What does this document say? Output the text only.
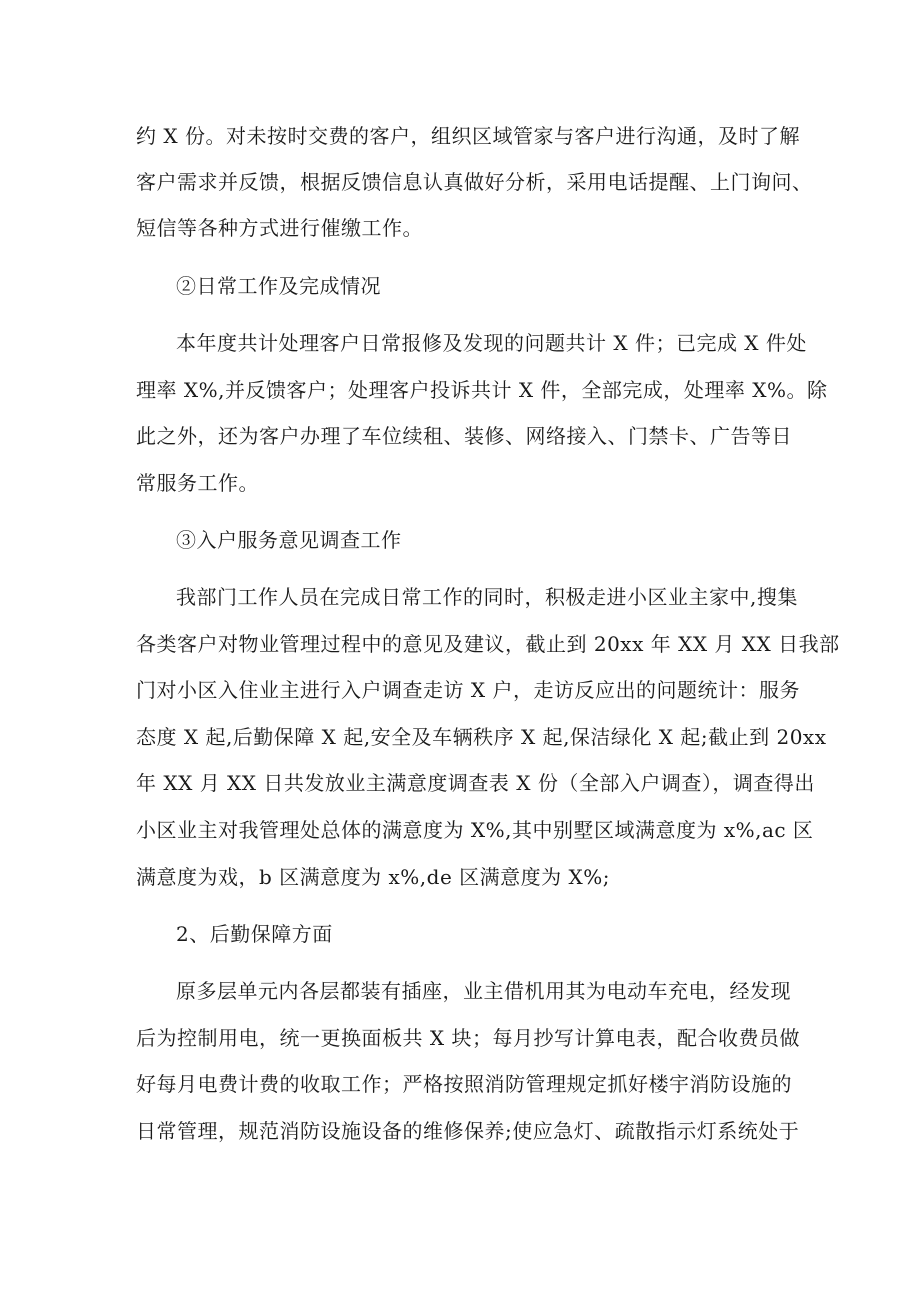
约 X 份。对未按时交费的客户，组织区域管家与客户进行沟通，及时了解
客户需求并反馈，根据反馈信息认真做好分析，采用电话提醒、上门询问、
短信等各种方式进行催缴工作。
②日常工作及完成情况
本年度共计处理客户日常报修及发现的问题共计 X 件；已完成 X 件处
理率 X%,并反馈客户；处理客户投诉共计 X 件，全部完成，处理率 X%。除
此之外，还为客户办理了车位续租、装修、网络接入、门禁卡、广告等日
常服务工作。
③入户服务意见调查工作
我部门工作人员在完成日常工作的同时，积极走进小区业主家中,搜集
各类客户对物业管理过程中的意见及建议，截止到 20xx 年 XX 月 XX 日我部
门对小区入住业主进行入户调查走访 X 户，走访反应出的问题统计：服务
态度 X 起,后勤保障 X 起,安全及车辆秩序 X 起,保洁绿化 X 起;截止到 20xx
年 XX 月 XX 日共发放业主满意度调查表 X 份（全部入户调查），调查得出
小区业主对我管理处总体的满意度为 X%,其中别墅区域满意度为 x%,ac 区
满意度为戏，b 区满意度为 x%,de 区满意度为 X%;
2、后勤保障方面
原多层单元内各层都装有插座，业主借机用其为电动车充电，经发现
后为控制用电，统一更换面板共 X 块；每月抄写计算电表，配合收费员做
好每月电费计费的收取工作；严格按照消防管理规定抓好楼宇消防设施的
日常管理，规范消防设施设备的维修保养;使应急灯、疏散指示灯系统处于
